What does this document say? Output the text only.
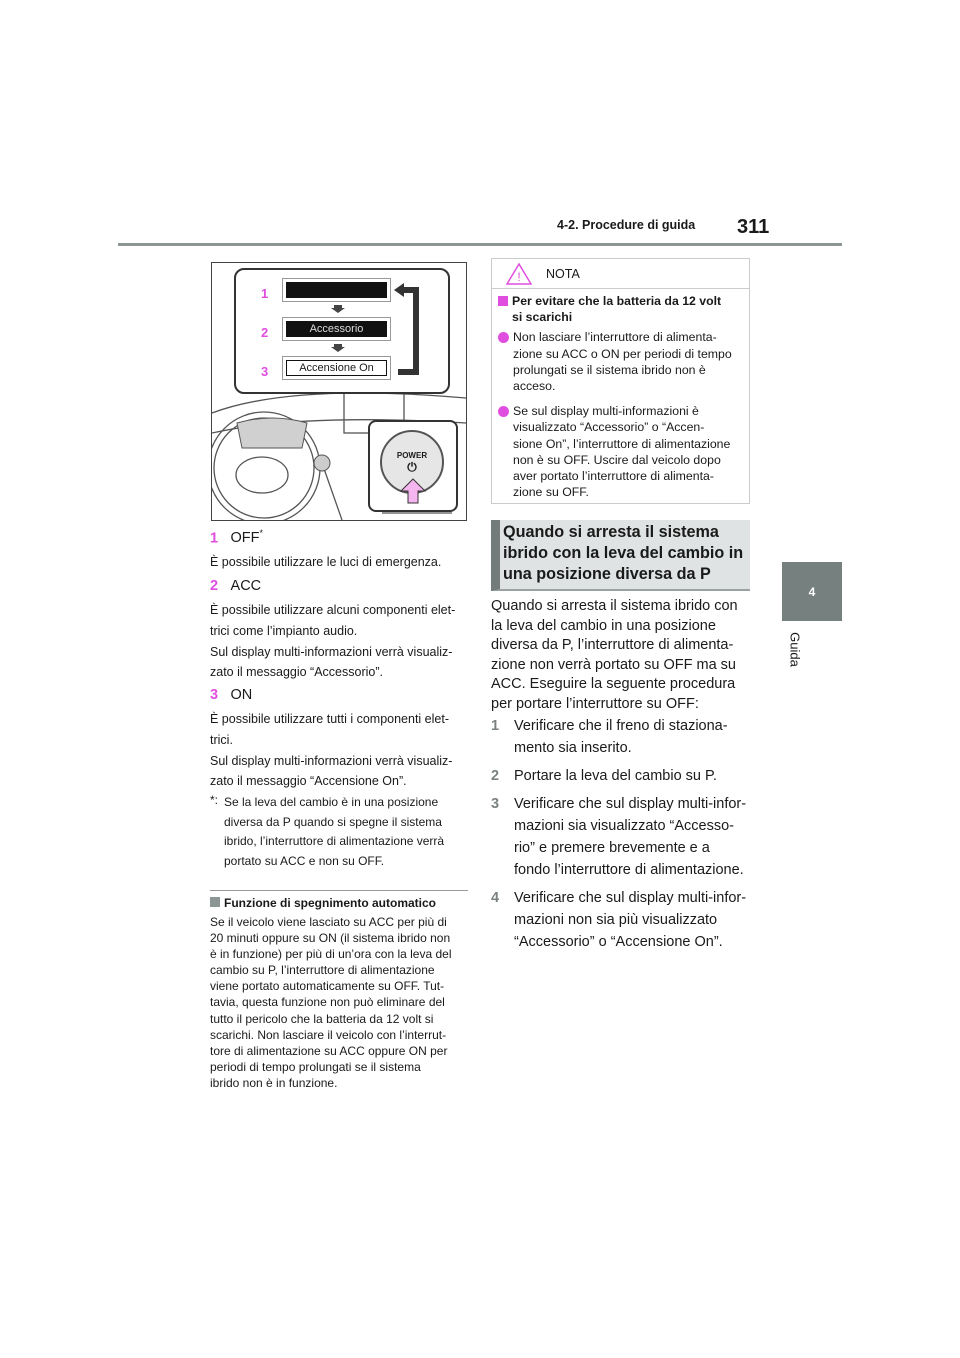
4-2. Procedure di guida 311
4
Guida
1
2
3
Accessorio
Accensione On
POWER
⏻
1 OFF*
È possibile utilizzare le luci di emergenza.
2 ACC
È possibile utilizzare alcuni componenti elet-
trici come l’impianto audio.
Sul display multi-informazioni verrà visualiz-
zato il messaggio “Accessorio”.
3 ON
È possibile utilizzare tutti i componenti elet-
trici.
Sul display multi-informazioni verrà visualiz-
zato il messaggio “Accensione On”.
*: Se la leva del cambio è in una posizione
diversa da P quando si spegne il sistema
ibrido, l’interruttore di alimentazione verrà
portato su ACC e non su OFF.
Funzione di spegnimento automatico
Se il veicolo viene lasciato su ACC per più di
20 minuti oppure su ON (il sistema ibrido non
è in funzione) per più di un’ora con la leva del
cambio su P, l’interruttore di alimentazione
viene portato automaticamente su OFF. Tut-
tavia, questa funzione non può eliminare del
tutto il pericolo che la batteria da 12 volt si
scarichi. Non lasciare il veicolo con l’interrut-
tore di alimentazione su ACC oppure ON per
periodi di tempo prolungati se il sistema
ibrido non è in funzione.
! NOTA
Per evitare che la batteria da 12 volt
si scarichi
Non lasciare l’interruttore di alimenta-
zione su ACC o ON per periodi di tempo
prolungati se il sistema ibrido non è
acceso.
Se sul display multi-informazioni è
visualizzato “Accessorio” o “Accen-
sione On”, l’interruttore di alimentazione
non è su OFF. Uscire dal veicolo dopo
aver portato l’interruttore di alimenta-
zione su OFF.
Quando si arresta il sistema
ibrido con la leva del cambio in
una posizione diversa da P
Quando si arresta il sistema ibrido con
la leva del cambio in una posizione
diversa da P, l’interruttore di alimenta-
zione non verrà portato su OFF ma su
ACC. Eseguire la seguente procedura
per portare l’interruttore su OFF:
1	Verificare che il freno di staziona-
mento sia inserito.
2	Portare la leva del cambio su P.
3	Verificare che sul display multi-infor-
mazioni sia visualizzato “Accesso-
rio” e premere brevemente e a
fondo l’interruttore di alimentazione.
4	Verificare che sul display multi-infor-
mazioni non sia più visualizzato
“Accessorio” o “Accensione On”.
